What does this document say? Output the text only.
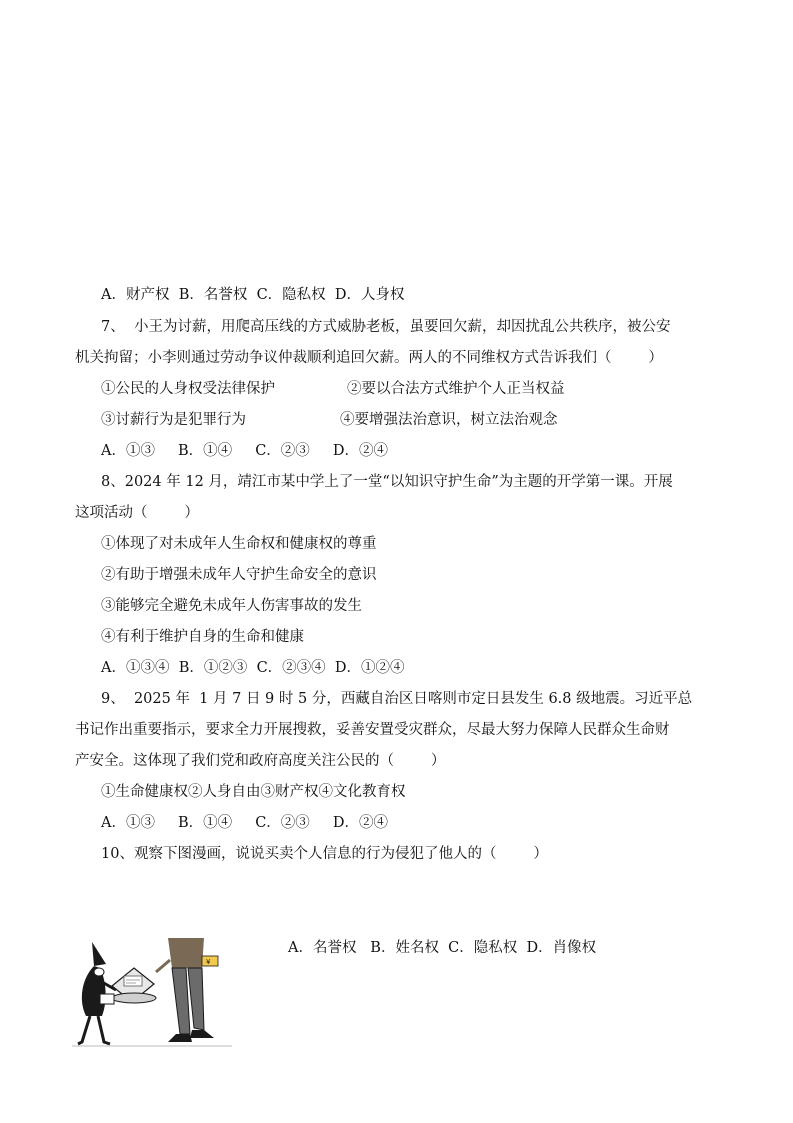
A．财产权  B．名誉权  C．隐私权  D．人身权
7、  小王为讨薪，用爬高压线的方式威胁老板，虽要回欠薪，却因扰乱公共秩序，被公安
机关拘留；小李则通过劳动争议仲裁顺利追回欠薪。两人的不同维权方式告诉我们（        ）
①公民的人身权受法律保护	②要以合法方式维护个人正当权益
③讨薪行为是犯罪行为	④要增强法治意识，树立法治观念
A．①③     B．①④     C．②③     D．②④
8、2024 年 12 月，靖江市某中学上了一堂“以知识守护生命”为主题的开学第一课。开展
这项活动（        ）
①体现了对未成年人生命权和健康权的尊重
②有助于增强未成年人守护生命安全的意识
③能够完全避免未成年人伤害事故的发生
④有利于维护自身的生命和健康
A．①③④  B．①②③  C．②③④  D．①②④
9、  2025 年  1 月 7 日 9 时 5 分，西藏自治区日喀则市定日县发生 6.8 级地震。习近平总
书记作出重要指示，要求全力开展搜救，妥善安置受灾群众，尽最大努力保障人民群众生命财
产安全。这体现了我们党和政府高度关注公民的（        ）
①生命健康权②人身自由③财产权④文化教育权
A．①③     B．①④     C．②③     D．②④
10、观察下图漫画，说说买卖个人信息的行为侵犯了他人的（        ）
A．名誉权   B．姓名权  C．隐私权  D．肖像权
¥
